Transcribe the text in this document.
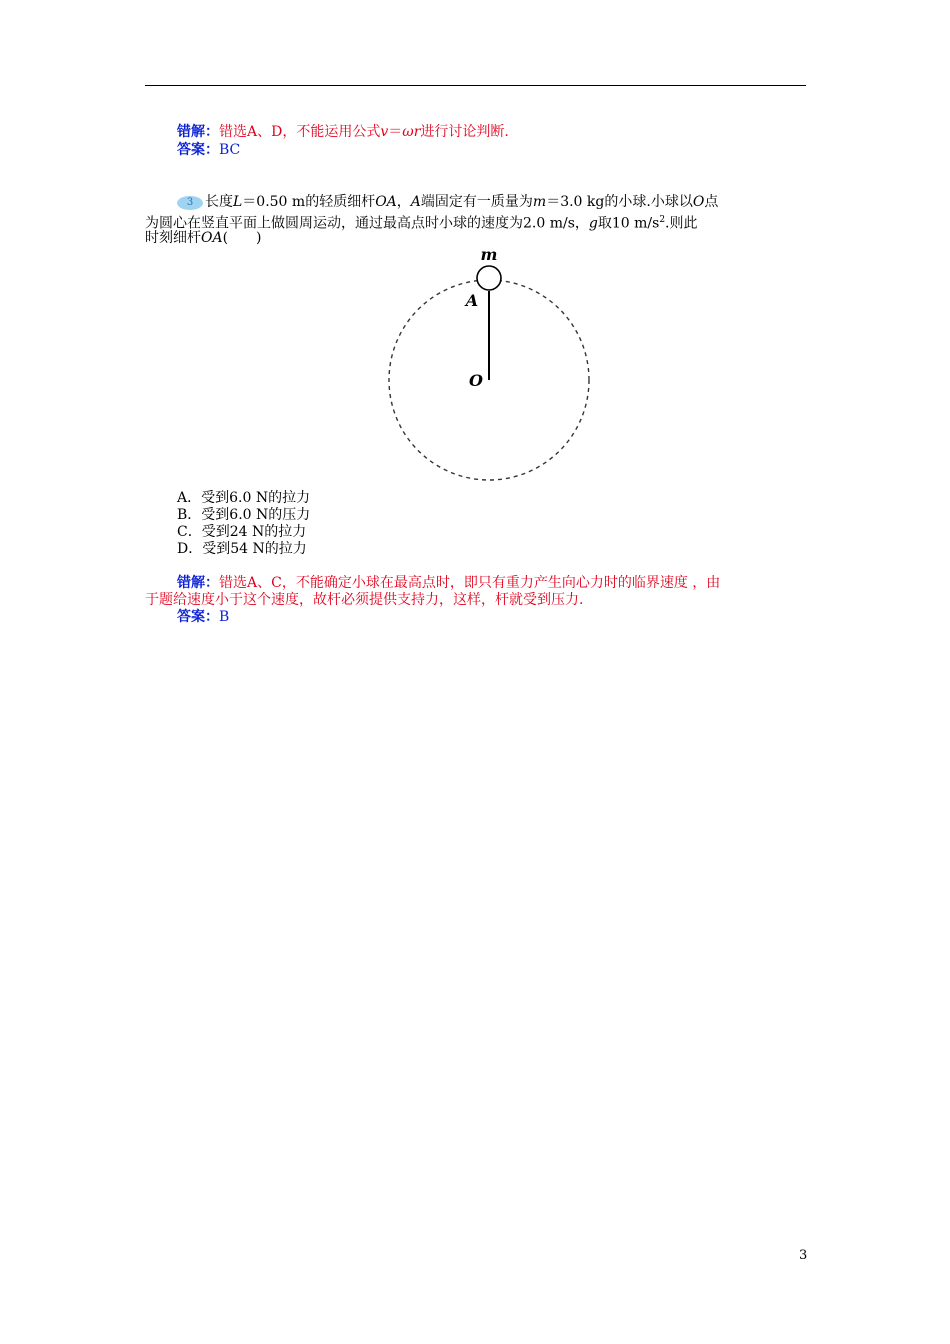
错解：错选A、D，不能运用公式v＝ωr进行讨论判断.
答案：BC
3 长度L＝0.50 m的轻质细杆OA，A端固定有一质量为m＝3.0 kg的小球.小球以O点
为圆心在竖直平面上做圆周运动，通过最高点时小球的速度为2.0 m/s，g取10 $m/s^2$.则此
时刻细杆OA(　　)
m
A
O
A．受到6.0 N的拉力
B．受到6.0 N的压力
C．受到24 N的拉力
D．受到54 N的拉力
错解：错选A、C，不能确定小球在最高点时，即只有重力产生向心力时的临界速度 ，由
于题给速度小于这个速度，故杆必须提供支持力，这样，杆就受到压力.
答案：B
3
